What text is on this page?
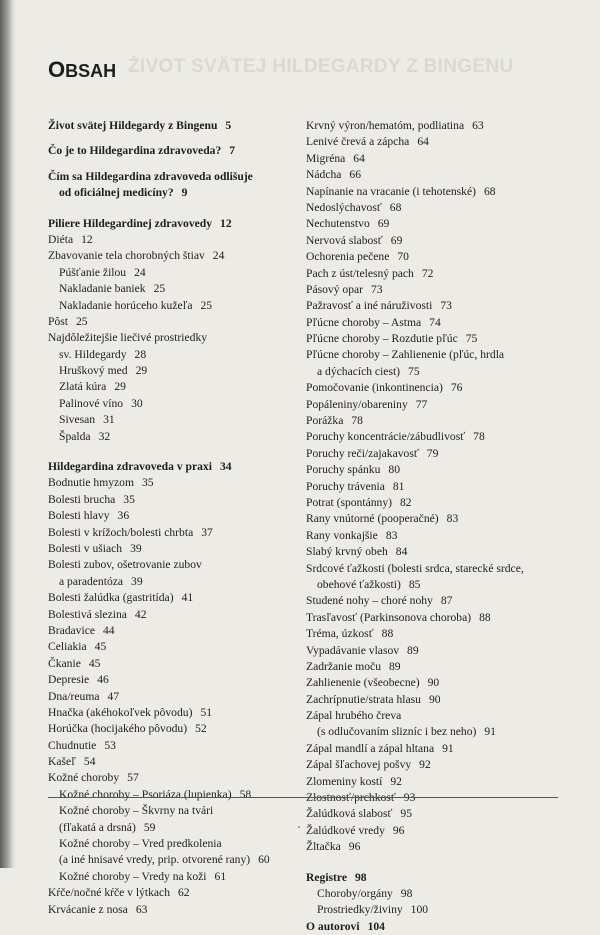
ŽIVOT SVÄTEJ HILDEGARDY Z BINGENU
OBSAH
Život svätej Hildegardy z Bingenu 5
Čo je to Hildegardina zdravoveda? 7
Čím sa Hildegardina zdravoveda odlišuje
od oficiálnej medicíny? 9
Piliere Hildegardinej zdravovedy 12
Diéta 12
Zbavovanie tela chorobných štiav 24
Púšťanie žilou 24
Nakladanie baniek 25
Nakladanie horúceho kužeľa 25
Pôst 25
Najdôležitejšie liečivé prostriedky
sv. Hildegardy 28
Hruškový med 29
Zlatá kúra 29
Palinové víno 30
Sivesan 31
Špalda 32
Hildegardina zdravoveda v praxi 34
Bodnutie hmyzom 35
Bolesti brucha 35
Bolesti hlavy 36
Bolesti v krížoch/bolesti chrbta 37
Bolesti v ušiach 39
Bolesti zubov, ošetrovanie zubov
a paradentóza 39
Bolesti žalúdka (gastritída) 41
Bolestivá slezina 42
Bradavice 44
Celiakia 45
Čkanie 45
Depresie 46
Dna/reuma 47
Hnačka (akéhokoľvek pôvodu) 51
Horúčka (hocijakého pôvodu) 52
Chudnutie 53
Kašeľ 54
Kožné choroby 57
Kožné choroby – Psoriáza (lupienka) 58
Kožné choroby – Škvrny na tvári
(fľakatá a drsná) 59
Kožné choroby – Vred predkolenia
(a iné hnisavé vredy, prip. otvorené rany) 60
Kožné choroby – Vredy na koži 61
Kŕče/nočné kŕče v lýtkach 62
Krvácanie z nosa 63
Krvný výron/hematóm, podliatina 63
Lenivé črevá a zápcha 64
Migréna 64
Nádcha 66
Napínanie na vracanie (i tehotenské) 68
Nedoslýchavosť 68
Nechutenstvo 69
Nervová slabosť 69
Ochorenia pečene 70
Pach z úst/telesný pach 72
Pásový opar 73
Pažravosť a iné náruživosti 73
Pľúcne choroby – Astma 74
Pľúcne choroby – Rozdutie pľúc 75
Pľúcne choroby – Zahlienenie (pľúc, hrdla
a dýchacích ciest) 75
Pomočovanie (inkontinencia) 76
Popáleniny/obareniny 77
Porážka 78
Poruchy koncentrácie/zábudlivosť 78
Poruchy reči/zajakavosť 79
Poruchy spánku 80
Poruchy trávenia 81
Potrat (spontánny) 82
Rany vnútorné (pooperačné) 83
Rany vonkajšie 83
Slabý krvný obeh 84
Srdcové ťažkosti (bolesti srdca, starecké srdce,
obehové ťažkosti) 85
Studené nohy – choré nohy 87
Trasľavosť (Parkinsonova choroba) 88
Tréma, úzkosť 88
Vypadávanie vlasov 89
Zadržanie moču 89
Zahlienenie (všeobecne) 90
Zachrípnutie/strata hlasu 90
Zápal hrubého čreva
(s odlučovaním slizníc i bez neho) 91
Zápal mandlí a zápal hltana 91
Zápal šľachovej pošvy 92
Zlomeniny kostí 92
Zlostnosť/prchkosť 93
Žalúdková slabosť 95
Žalúdkové vredy 96
Žltačka 96
Registre 98
Choroby/orgány 98
Prostriedky/živiny 100
O autorovi 104
